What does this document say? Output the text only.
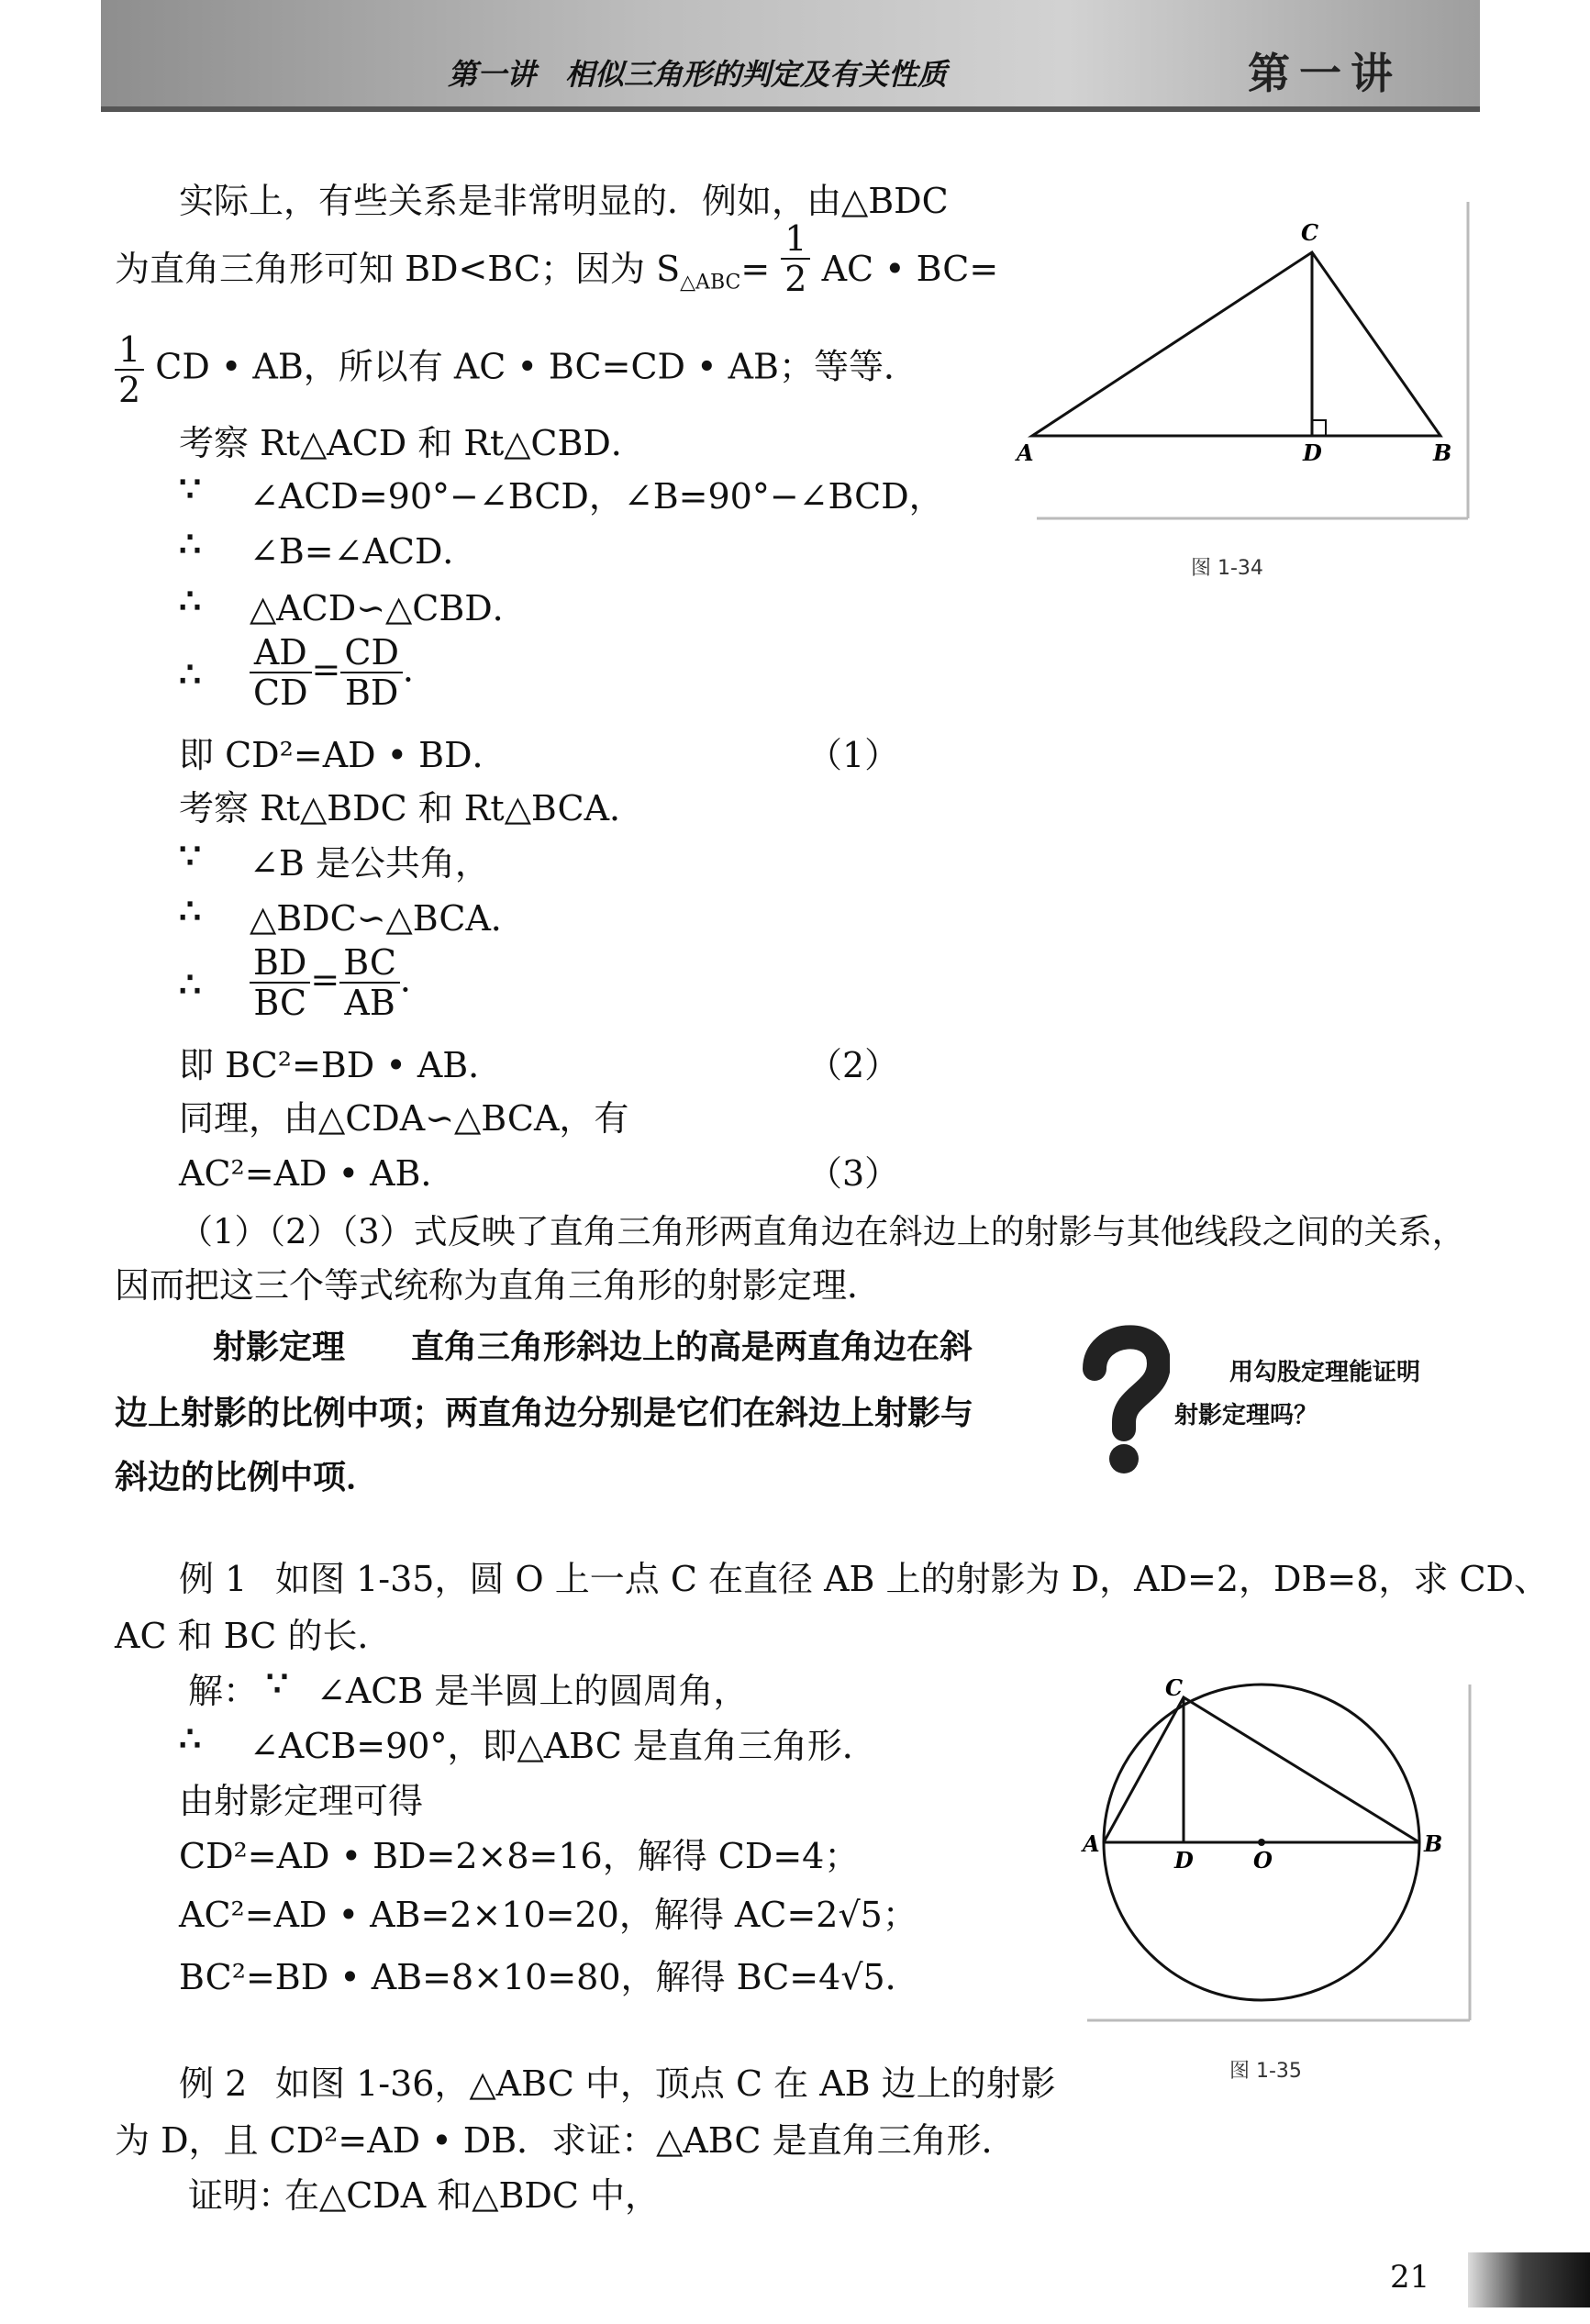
第一讲　相似三角形的判定及有关性质	第一讲
实际上，有些关系是非常明显的．例如，由△BDC
为直角三角形可知 BD<BC；因为 $S_{\triangle ABC}= \frac{1}{2}$ AC • BC=
$\frac{1}{2}$ CD • AB，所以有 AC • BC=CD • AB；等等．
考察 Rt△ACD 和 Rt△CBD．
∵ ∠ACD=90°−∠BCD，∠B=90°−∠BCD，
∴ ∠B=∠ACD．
∴ △ACD∽△CBD．
∴ $\frac{AD}{CD} = \frac{CD}{BD}$ ．
即 CD²=AD • BD．	（1）
考察 Rt△BDC 和 Rt△BCA．
∵ ∠B 是公共角，
∴ △BDC∽△BCA．
∴ $\frac{BD}{BC} = \frac{BC}{AB}$ ．
即 BC²=BD • AB．	（2）
同理，由△CDA∽△BCA，有
AC²=AD • AB．	（3）
（1）（2）（3）式反映了直角三角形两直角边在斜边上的射影与其他线段之间的关系，
因而把这三个等式统称为直角三角形的射影定理．
射影定理 直角三角形斜边上的高是两直角边在斜
边上射影的比例中项；两直角边分别是它们在斜边上射影与
斜边的比例中项．
用勾股定理能证明
射影定理吗？
例 1 如图 1-35，圆 O 上一点 C 在直径 AB 上的射影为 D，AD=2，DB=8，求 CD、
AC 和 BC 的长．
解： ∵ ∠ACB 是半圆上的圆周角，
∴ ∠ACB=90°，即△ABC 是直角三角形．
由射影定理可得
CD²=AD • BD=2×8=16，解得 CD=4；
AC²=AD • AB=2×10=20，解得 AC=2√5；
BC²=BD • AB=8×10=80，解得 BC=4√5．
例 2 如图 1-36，△ABC 中，顶点 C 在 AB 边上的射影
为 D，且 CD²=AD • DB．求证：△ABC 是直角三角形．
证明：
在△CDA 和△BDC 中，
A
C
D	B
图 1-34
A
C
D	O
B
图 1-35
21
